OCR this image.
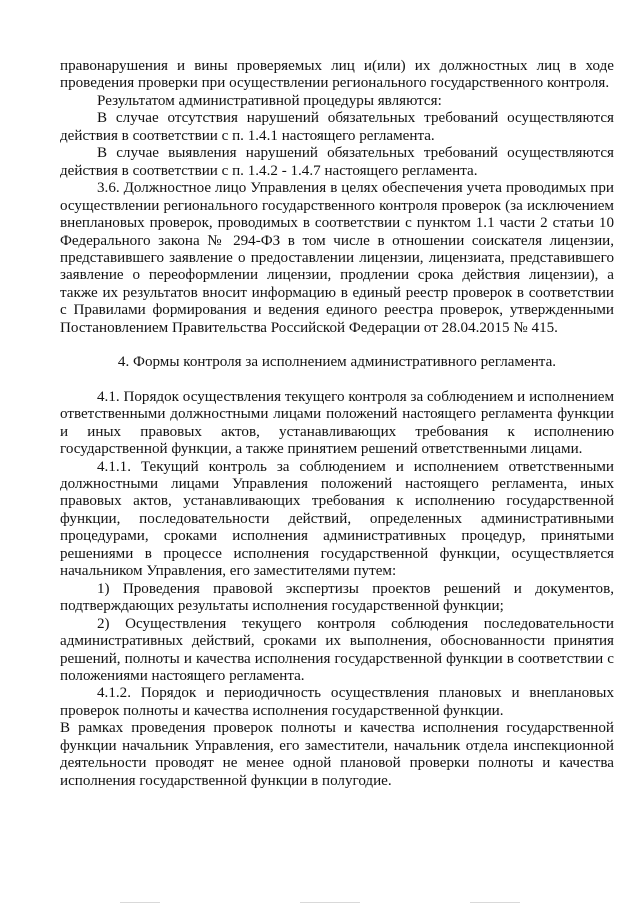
правонарушения и вины проверяемых лиц и(или) их должностных лиц в ходе проведения проверки при осуществлении регионального государственного контроля.

Результатом административной процедуры являются:

В случае отсутствия нарушений обязательных требований осуществляются действия в соответствии с п. 1.4.1 настоящего регламента.

В случае выявления нарушений обязательных требований осуществляются действия в соответствии с п. 1.4.2 - 1.4.7 настоящего регламента.

3.6. Должностное лицо Управления в целях обеспечения учета проводимых при осуществлении регионального государственного контроля проверок (за исключением внеплановых проверок, проводимых в соответствии с пунктом 1.1 части 2 статьи 10 Федерального закона № 294-ФЗ в том числе в отношении соискателя лицензии, представившего заявление о предоставлении лицензии, лицензиата, представившего заявление о переоформлении лицензии, продлении срока действия лицензии), а также их результатов вносит информацию в единый реестр проверок в соответствии с Правилами формирования и ведения единого реестра проверок, утвержденными Постановлением Правительства Российской Федерации от 28.04.2015 № 415.

4. Формы контроля за исполнением административного регламента.

4.1. Порядок осуществления текущего контроля за соблюдением и исполнением ответственными должностными лицами положений настоящего регламента функции и иных правовых актов, устанавливающих требования к исполнению государственной функции, а также принятием решений ответственными лицами.

4.1.1. Текущий контроль за соблюдением и исполнением ответственными должностными лицами Управления положений настоящего регламента, иных правовых актов, устанавливающих требования к исполнению государственной функции, последовательности действий, определенных административными процедурами, сроками исполнения административных процедур, принятыми решениями в процессе исполнения государственной функции, осуществляется начальником Управления, его заместителями путем:

1) Проведения правовой экспертизы проектов решений и документов, подтверждающих результаты исполнения государственной функции;

2) Осуществления текущего контроля соблюдения последовательности административных действий, сроками их выполнения, обоснованности принятия решений, полноты и качества исполнения государственной функции в соответствии с положениями настоящего регламента.

4.1.2. Порядок и периодичность осуществления плановых и внеплановых проверок полноты и качества исполнения государственной функции.

В рамках проведения проверок полноты и качества исполнения государственной функции начальник Управления, его заместители, начальник отдела инспекционной деятельности проводят не менее одной плановой проверки полноты и качества исполнения государственной функции в полугодие.
